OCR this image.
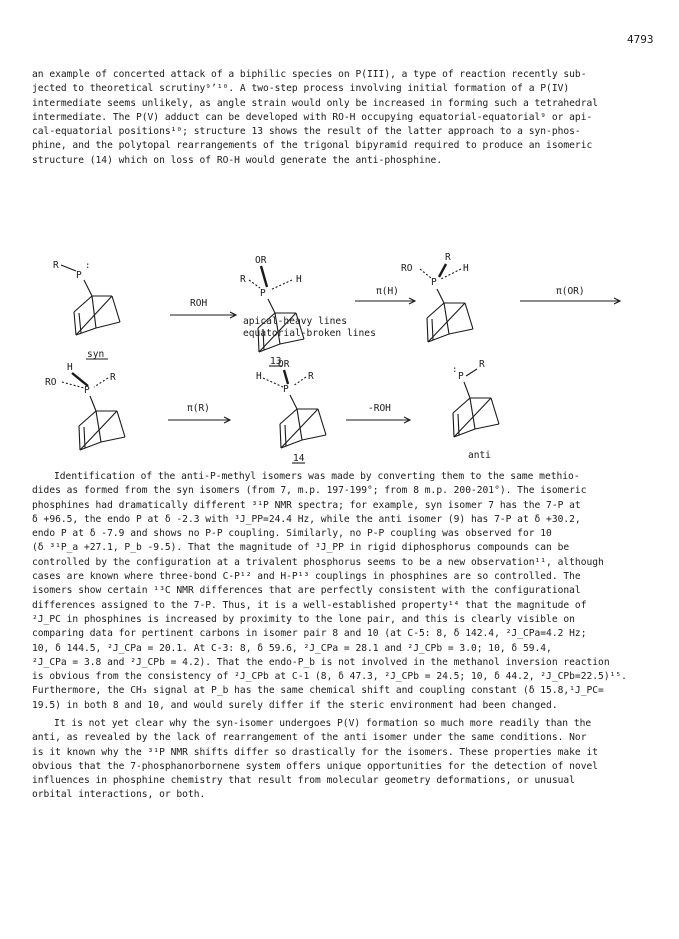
4793
an example of concerted attack of a biphilic species on P(III), a type of reaction recently sub-
jected to theoretical scrutiny⁹ʼ¹⁰. A two-step process involving initial formation of a P(IV)
intermediate seems unlikely, as angle strain would only be increased in forming such a tetrahedral
intermediate. The P(V) adduct can be developed with RO-H occupying equatorial-equatorial⁹ or api-
cal-equatorial positions¹⁰; structure 13 shows the result of the latter approach to a syn-phos-
phine, and the polytopal rearrangements of the trigonal bipyramid required to produce an isomeric
structure (14) which on loss of RO-H would generate the anti-phosphine.
R
P
:
syn
ROH
OR
R	H
P
13
π(H)
R
RO	H
P
π(OR)
H
RO	R
P
π(R)
OR
H	R
P
14
-ROH
R
P
:
anti
apical-heavy lines
equatorial-broken lines
Identification of the anti-P-methyl isomers was made by converting them to the same methio-
dides as formed from the syn isomers (from 7, m.p. 197-199°; from 8 m.p. 200-201°). The isomeric
phosphines had dramatically different ³¹P NMR spectra; for example, syn isomer 7 has the 7-P at
δ +96.5, the endo P at δ -2.3 with ³J_PP=24.4 Hz, while the anti isomer (9) has 7-P at δ +30.2,
endo P at δ -7.9 and shows no P-P coupling. Similarly, no P-P coupling was observed for 10
(δ ³¹P_a +27.1, P_b -9.5). That the magnitude of ³J_PP in rigid diphosphorus compounds can be
controlled by the configuration at a trivalent phosphorus seems to be a new observation¹¹, although
cases are known where three-bond C-P¹² and H-P¹³ couplings in phosphines are so controlled. The
isomers show certain ¹³C NMR differences that are perfectly consistent with the configurational
differences assigned to the 7-P. Thus, it is a well-established property¹⁴ that the magnitude of
²J_PC in phosphines is increased by proximity to the lone pair, and this is clearly visible on
comparing data for pertinent carbons in isomer pair 8 and 10 (at C-5: 8, δ 142.4, ²J_CPa=4.2 Hz;
10, δ 144.5, ²J_CPa = 20.1. At C-3: 8, δ 59.6, ²J_CPa = 28.1 and ²J_CPb = 3.0; 10, δ 59.4,
²J_CPa = 3.8 and ²J_CPb = 4.2). That the endo-P_b is not involved in the methanol inversion reaction
is obvious from the consistency of ²J_CPb at C-1 (8, δ 47.3, ²J_CPb = 24.5; 10, δ 44.2, ²J_CPb=22.5)¹⁵.
Furthermore, the CH₃ signal at P_b has the same chemical shift and coupling constant (δ 15.8,¹J_PC=
19.5) in both 8 and 10, and would surely differ if the steric environment had been changed.
It is not yet clear why the syn-isomer undergoes P(V) formation so much more readily than the
anti, as revealed by the lack of rearrangement of the anti isomer under the same conditions. Nor
is it known why the ³¹P NMR shifts differ so drastically for the isomers. These properties make it
obvious that the 7-phosphanorbornene system offers unique opportunities for the detection of novel
influences in phosphine chemistry that result from molecular geometry deformations, or unusual
orbital interactions, or both.
